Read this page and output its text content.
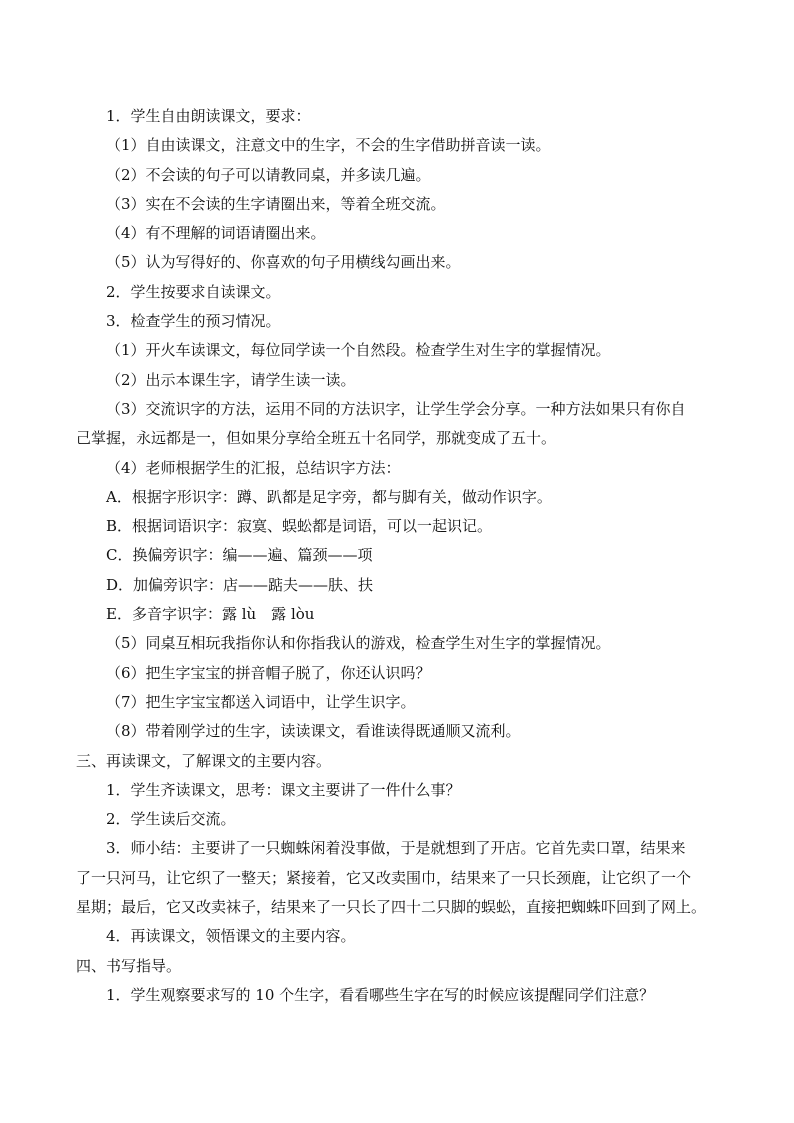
1．学生自由朗读课文，要求：

（1）自由读课文，注意文中的生字，不会的生字借助拼音读一读。

（2）不会读的句子可以请教同桌，并多读几遍。

（3）实在不会读的生字请圈出来，等着全班交流。

（4）有不理解的词语请圈出来。

（5）认为写得好的、你喜欢的句子用横线勾画出来。

2．学生按要求自读课文。

3．检查学生的预习情况。

（1）开火车读课文，每位同学读一个自然段。检查学生对生字的掌握情况。

（2）出示本课生字，请学生读一读。

（3）交流识字的方法，运用不同的方法识字，让学生学会分享。一种方法如果只有你自

己掌握，永远都是一，但如果分享给全班五十名同学，那就变成了五十。

（4）老师根据学生的汇报，总结识字方法：

A．根据字形识字：蹲、趴都是足字旁，都与脚有关，做动作识字。

B．根据词语识字：寂寞、蜈蚣都是词语，可以一起识记。

C．换偏旁识字：编——遍、篇颈——项

D．加偏旁识字：店——踮夫——肤、扶

E．多音字识字：露 lù　露 lòu

（5）同桌互相玩我指你认和你指我认的游戏，检查学生对生字的掌握情况。

（6）把生字宝宝的拼音帽子脱了，你还认识吗？

（7）把生字宝宝都送入词语中，让学生识字。

（8）带着刚学过的生字，读读课文，看谁读得既通顺又流利。

三、再读课文，了解课文的主要内容。

1．学生齐读课文，思考：课文主要讲了一件什么事？

2．学生读后交流。

3．师小结：主要讲了一只蜘蛛闲着没事做，于是就想到了开店。它首先卖口罩，结果来

了一只河马，让它织了一整天；紧接着，它又改卖围巾，结果来了一只长颈鹿，让它织了一个

星期；最后，它又改卖袜子，结果来了一只长了四十二只脚的蜈蚣，直接把蜘蛛吓回到了网上。

4．再读课文，领悟课文的主要内容。

四、书写指导。

1．学生观察要求写的 10 个生字，看看哪些生字在写的时候应该提醒同学们注意？
